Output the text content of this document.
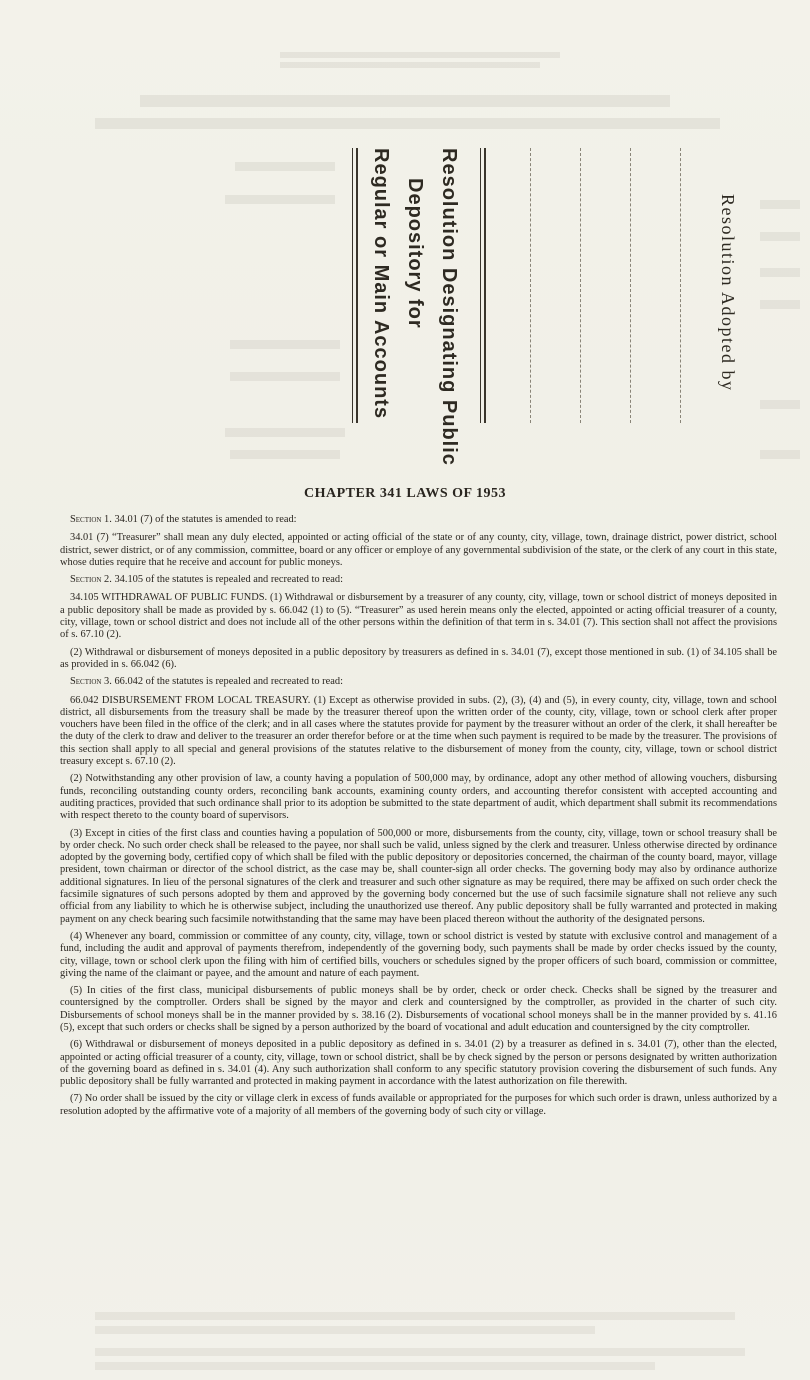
Resolution Designating Public
Depository for
Regular or Main Accounts	Resolution Adopted by
CHAPTER 341 LAWS OF 1953

Section 1. 34.01 (7) of the statutes is amended to read:

34.01 (7) “Treasurer” shall mean any duly elected, appointed or acting official of the state or of any county, city, village, town, drainage district, power district, school district, sewer district, or of any commission, committee, board or any officer or employe of any governmental subdivision of the state, or the clerk of any court in this state, whose duties require that he receive and account for public moneys.

Section 2. 34.105 of the statutes is repealed and recreated to read:

34.105 WITHDRAWAL OF PUBLIC FUNDS. (1) Withdrawal or disbursement by a treasurer of any county, city, village, town or school district of moneys deposited in a public depository shall be made as provided by s. 66.042 (1) to (5). “Treasurer” as used herein means only the elected, appointed or acting official treasurer of a county, city, village, town or school district and does not include all of the other persons within the definition of that term in s. 34.01 (7). This section shall not affect the provisions of s. 67.10 (2).

(2) Withdrawal or disbursement of moneys deposited in a public depository by treasurers as defined in s. 34.01 (7), except those mentioned in sub. (1) of 34.105 shall be as provided in s. 66.042 (6).

Section 3. 66.042 of the statutes is repealed and recreated to read:

66.042 DISBURSEMENT FROM LOCAL TREASURY. (1) Except as otherwise provided in subs. (2), (3), (4) and (5), in every county, city, village, town and school district, all disbursements from the treasury shall be made by the treasurer thereof upon the written order of the county, city, village, town or school clerk after proper vouchers have been filed in the office of the clerk; and in all cases where the statutes provide for payment by the treasurer without an order of the clerk, it shall hereafter be the duty of the clerk to draw and deliver to the treasurer an order therefor before or at the time when such payment is required to be made by the treasurer. The provisions of this section shall apply to all special and general provisions of the statutes relative to the disbursement of money from the county, city, village, town or school district treasury except s. 67.10 (2).

(2) Notwithstanding any other provision of law, a county having a population of 500,000 may, by ordinance, adopt any other method of allowing vouchers, disbursing funds, reconciling outstanding county orders, reconciling bank accounts, examining county orders, and accounting therefor consistent with accepted accounting and auditing practices, provided that such ordinance shall prior to its adoption be submitted to the state department of audit, which department shall submit its recommendations with respect thereto to the county board of supervisors.

(3) Except in cities of the first class and counties having a population of 500,000 or more, disbursements from the county, city, village, town or school treasury shall be by order check. No such order check shall be released to the payee, nor shall such be valid, unless signed by the clerk and treasurer. Unless otherwise directed by ordinance adopted by the governing body, certified copy of which shall be filed with the public depository or depositories concerned, the chairman of the county board, mayor, village president, town chairman or director of the school district, as the case may be, shall counter-sign all order checks. The governing body may also by ordinance authorize additional signatures. In lieu of the personal signatures of the clerk and treasurer and such other signature as may be required, there may be affixed on such order check the facsimile signatures of such persons adopted by them and approved by the governing body concerned but the use of such facsimile signature shall not relieve any such official from any liability to which he is otherwise subject, including the unauthorized use thereof. Any public depository shall be fully warranted and protected in making payment on any check bearing such facsimile notwithstanding that the same may have been placed thereon without the authority of the designated persons.

(4) Whenever any board, commission or committee of any county, city, village, town or school district is vested by statute with exclusive control and management of a fund, including the audit and approval of payments therefrom, independently of the governing body, such payments shall be made by order checks issued by the county, city, village, town or school clerk upon the filing with him of certified bills, vouchers or schedules signed by the proper officers of such board, commission or committee, giving the name of the claimant or payee, and the amount and nature of each payment.

(5) In cities of the first class, municipal disbursements of public moneys shall be by order, check or order check. Checks shall be signed by the treasurer and countersigned by the comptroller. Orders shall be signed by the mayor and clerk and countersigned by the comptroller, as provided in the charter of such city. Disbursements of school moneys shall be in the manner provided by s. 38.16 (2). Disbursements of vocational school moneys shall be in the manner provided by s. 41.16 (5), except that such orders or checks shall be signed by a person authorized by the board of vocational and adult education and countersigned by the city comptroller.

(6) Withdrawal or disbursement of moneys deposited in a public depository as defined in s. 34.01 (2) by a treasurer as defined in s. 34.01 (7), other than the elected, appointed or acting official treasurer of a county, city, village, town or school district, shall be by check signed by the person or persons designated by written authorization of the governing board as defined in s. 34.01 (4). Any such authorization shall conform to any specific statutory provision covering the disbursement of such funds. Any public depository shall be fully warranted and protected in making payment in accordance with the latest authorization on file therewith.

(7) No order shall be issued by the city or village clerk in excess of funds available or appropriated for the purposes for which such order is drawn, unless authorized by a resolution adopted by the affirmative vote of a majority of all members of the governing body of such city or village.
